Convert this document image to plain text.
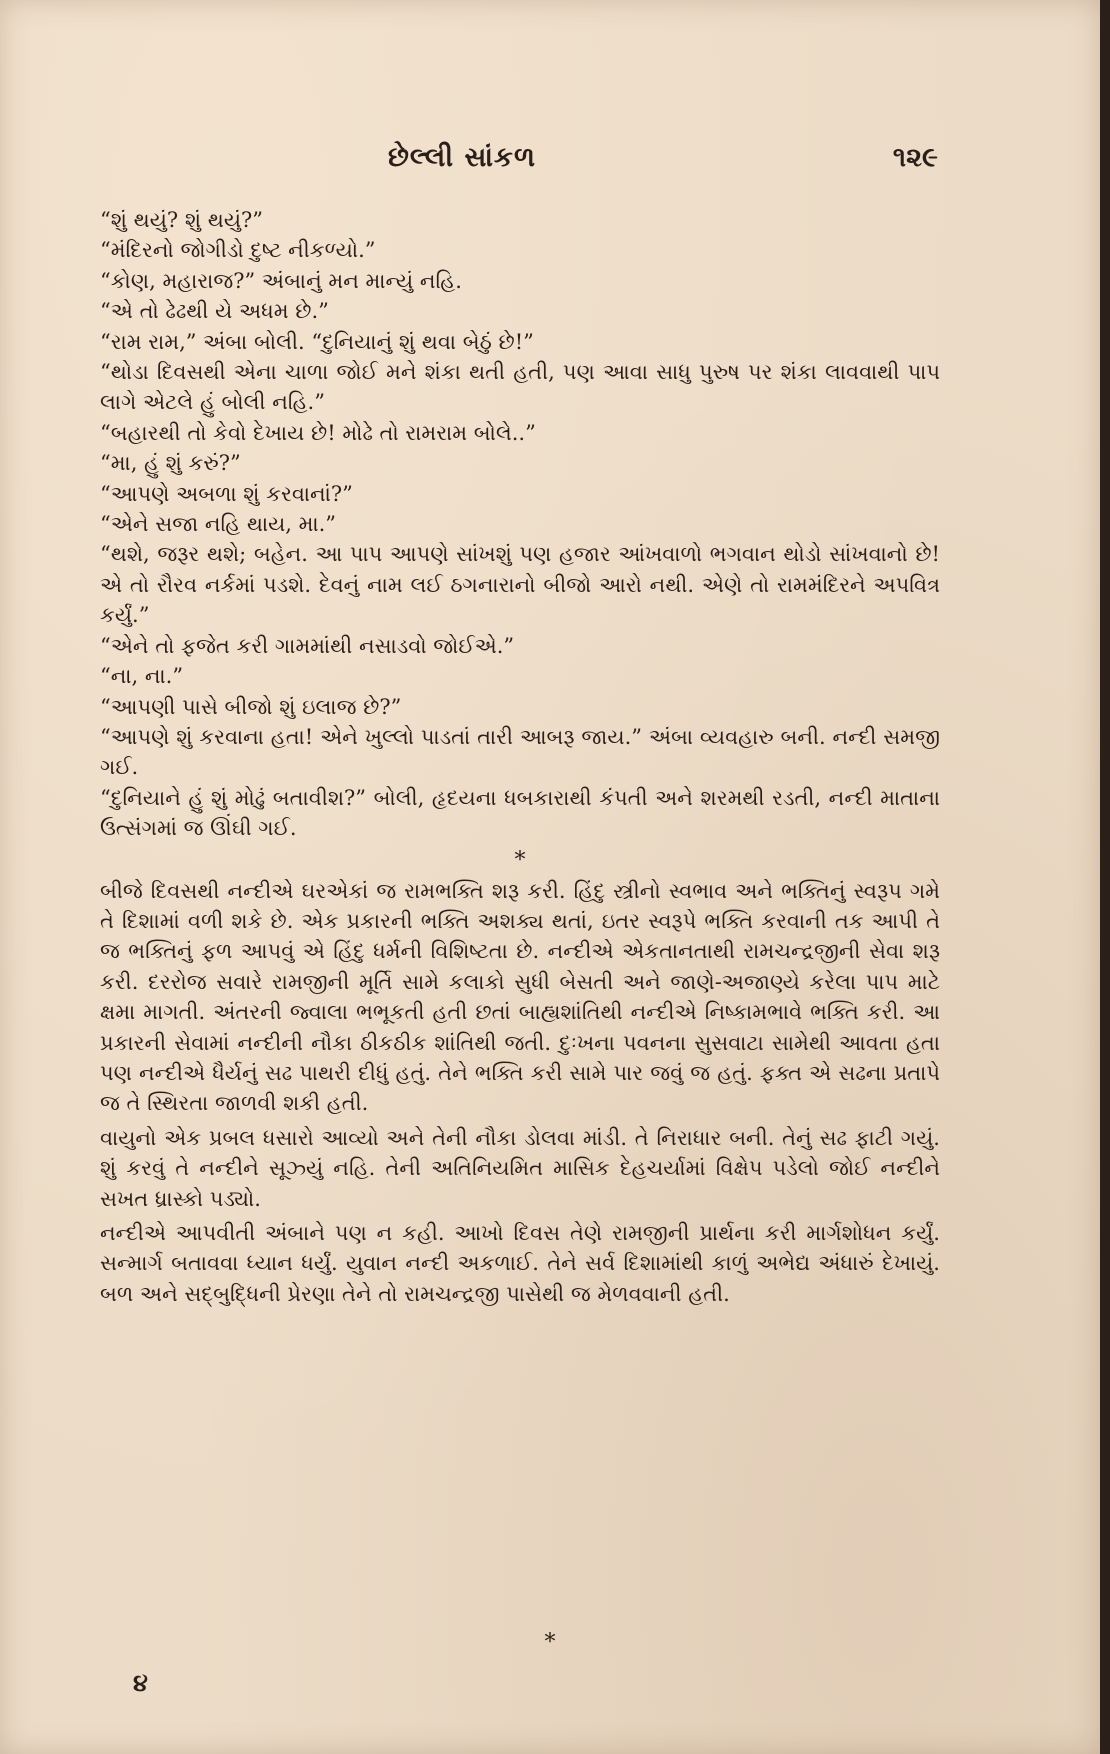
છેલ્લી સાંકળ	૧૨૯

“શું થયું? શું થયું?”

“મંદિરનો જોગીડો દુષ્ટ નીકળ્યો.”

“કોણ, મહારાજ?” અંબાનું મન માન્યું નહિ.

“એ તો ઢેઢથી યે અધમ છે.”

“રામ રામ,” અંબા બોલી. “દુનિયાનું શું થવા બેઠું છે!”

“થોડા દિવસથી એના ચાળા જોઈ મને શંકા થતી હતી, પણ આવા સાધુ પુરુષ પર શંકા લાવવાથી પાપ લાગે એટલે હું બોલી નહિ.”

“બહારથી તો કેવો દેખાય છે! મોઢે તો રામરામ બોલે..”

“મા, હું શું કરું?”

“આપણે અબળા શું કરવાનાં?”

“એને સજા નહિ થાય, મા.”

“થશે, જરૂર થશે; બહેન. આ પાપ આપણે સાંખશું પણ હજાર આંખવાળો ભગવાન થોડો સાંખવાનો છે! એ તો રૌરવ નર્કમાં પડશે. દેવનું નામ લઈ ઠગનારાનો બીજો આરો નથી. એણે તો રામમંદિરને અપવિત્ર કર્યું.”

“એને તો ફજેત કરી ગામમાંથી નસાડવો જોઈએ.”

“ના, ના.”

“આપણી પાસે બીજો શું ઇલાજ છે?”

“આપણે શું કરવાના હતા! એને ખુલ્લો પાડતાં તારી આબરૂ જાય.” અંબા વ્યવહારુ બની. નન્દી સમજી ગઈ.

“દુનિયાને હું શું મોઢું બતાવીશ?” બોલી, હૃદયના ધબકારાથી કંપતી અને શરમથી રડતી, નન્દી માતાના ઉત્સંગમાં જ ઊંઘી ગઈ.

*

બીજે દિવસથી નન્દીએ ઘરએકાં જ રામભક્તિ શરૂ કરી. હિંદુ સ્ત્રીનો સ્વભાવ અને ભક્તિનું સ્વરૂપ ગમે તે દિશામાં વળી શકે છે. એક પ્રકારની ભક્તિ અશક્ય થતાં, ઇતર સ્વરૂપે ભક્તિ કરવાની તક આપી તે જ ભક્તિનું ફળ આપવું એ હિંદુ ધર્મની વિશિષ્ટતા છે. નન્દીએ એકતાનતાથી રામચન્દ્રજીની સેવા શરૂ કરી. દરરોજ સવારે રામજીની મૂર્તિ સામે કલાકો સુધી બેસતી અને જાણે-અજાણ્યે કરેલા પાપ માટે ક્ષમા માગતી. અંતરની જ્વાલા ભભૂકતી હતી છતાં બાહ્યશાંતિથી નન્દીએ નિષ્કામભાવે ભક્તિ કરી. આ પ્રકારની સેવામાં નન્દીની નૌકા ઠીકઠીક શાંતિથી જતી. દુઃખના પવનના સુસવાટા સામેથી આવતા હતા પણ નન્દીએ ધૈર્યનું સઢ પાથરી દીધું હતું. તેને ભક્તિ કરી સામે પાર જવું જ હતું. ફક્ત એ સઢના પ્રતાપે જ તે સ્થિરતા જાળવી શકી હતી.

વાયુનો એક પ્રબલ ધસારો આવ્યો અને તેની નૌકા ડોલવા માંડી. તે નિરાધાર બની. તેનું સઢ ફાટી ગયું. શું કરવું તે નન્દીને સૂઝ્યું નહિ. તેની અતિનિયમિત માસિક દેહચર્યામાં વિક્ષેપ પડેલો જોઈ નન્દીને સખત ધ્રાસ્કો પડ્યો.

નન્દીએ આપવીતી અંબાને પણ ન કહી. આખો દિવસ તેણે રામજીની પ્રાર્થના કરી માર્ગશોધન કર્યું. સન્માર્ગ બતાવવા ધ્યાન ધર્યું. યુવાન નન્દી અકળાઈ. તેને સર્વ દિશામાંથી કાળું અભેદ્ય અંધારું દેખાયું. બળ અને સદ્બુદ્ધિની પ્રેરણા તેને તો રામચન્દ્રજી પાસેથી જ મેળવવાની હતી.

*
૪
